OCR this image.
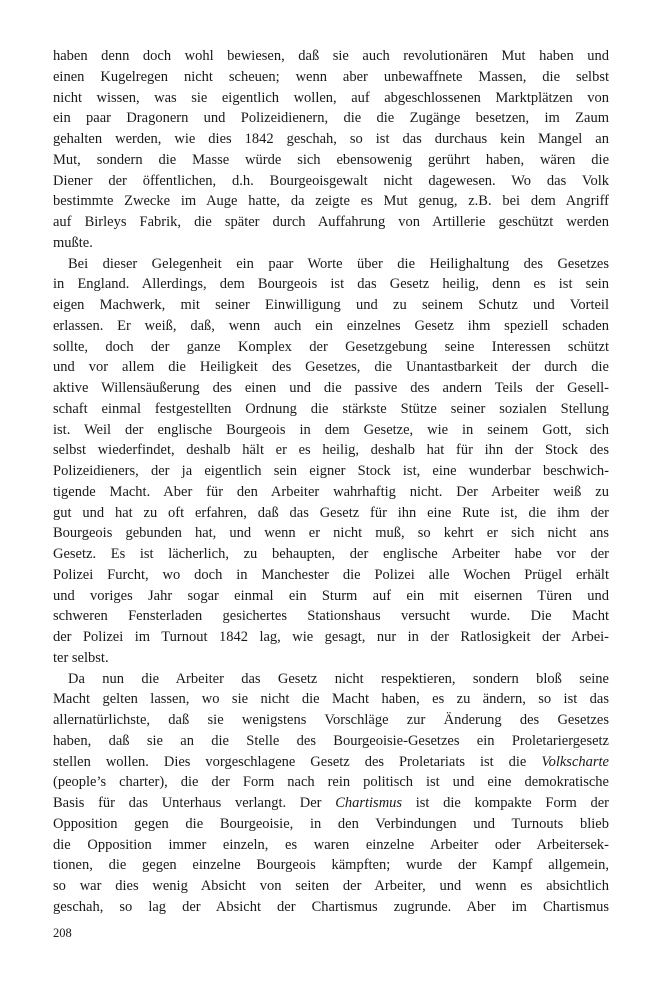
haben denn doch wohl bewiesen, daß sie auch revolutionären Mut haben und
einen Kugelregen nicht scheuen; wenn aber unbewaffnete Massen, die selbst
nicht wissen, was sie eigentlich wollen, auf abgeschlossenen Marktplätzen von
ein paar Dragonern und Polizeidienern, die die Zugänge besetzen, im Zaum
gehalten werden, wie dies 1842 geschah, so ist das durchaus kein Mangel an
Mut, sondern die Masse würde sich ebensowenig gerührt haben, wären die
Diener der öffentlichen, d.h. Bourgeoisgewalt nicht dagewesen. Wo das Volk
bestimmte Zwecke im Auge hatte, da zeigte es Mut genug, z.B. bei dem Angriff
auf Birleys Fabrik, die später durch Auffahrung von Artillerie geschützt werden
mußte.
Bei dieser Gelegenheit ein paar Worte über die Heilighaltung des Gesetzes
in England. Allerdings, dem Bourgeois ist das Gesetz heilig, denn es ist sein
eigen Machwerk, mit seiner Einwilligung und zu seinem Schutz und Vorteil
erlassen. Er weiß, daß, wenn auch ein einzelnes Gesetz ihm speziell schaden
sollte, doch der ganze Komplex der Gesetzgebung seine Interessen schützt
und vor allem die Heiligkeit des Gesetzes, die Unantastbarkeit der durch die
aktive Willensäußerung des einen und die passive des andern Teils der Gesell-
schaft einmal festgestellten Ordnung die stärkste Stütze seiner sozialen Stellung
ist. Weil der englische Bourgeois in dem Gesetze, wie in seinem Gott, sich
selbst wiederfindet, deshalb hält er es heilig, deshalb hat für ihn der Stock des
Polizeidieners, der ja eigentlich sein eigner Stock ist, eine wunderbar beschwich-
tigende Macht. Aber für den Arbeiter wahrhaftig nicht. Der Arbeiter weiß zu
gut und hat zu oft erfahren, daß das Gesetz für ihn eine Rute ist, die ihm der
Bourgeois gebunden hat, und wenn er nicht muß, so kehrt er sich nicht ans
Gesetz. Es ist lächerlich, zu behaupten, der englische Arbeiter habe vor der
Polizei Furcht, wo doch in Manchester die Polizei alle Wochen Prügel erhält
und voriges Jahr sogar einmal ein Sturm auf ein mit eisernen Türen und
schweren Fensterladen gesichertes Stationshaus versucht wurde. Die Macht
der Polizei im Turnout 1842 lag, wie gesagt, nur in der Ratlosigkeit der Arbei-
ter selbst.
Da nun die Arbeiter das Gesetz nicht respektieren, sondern bloß seine
Macht gelten lassen, wo sie nicht die Macht haben, es zu ändern, so ist das
allernatürlichste, daß sie wenigstens Vorschläge zur Änderung des Gesetzes
haben, daß sie an die Stelle des Bourgeoisie-Gesetzes ein Proletariergesetz
stellen wollen. Dies vorgeschlagene Gesetz des Proletariats ist die Volkscharte
(people’s charter), die der Form nach rein politisch ist und eine demokratische
Basis für das Unterhaus verlangt. Der Chartismus ist die kompakte Form der
Opposition gegen die Bourgeoisie, in den Verbindungen und Turnouts blieb
die Opposition immer einzeln, es waren einzelne Arbeiter oder Arbeitersek-
tionen, die gegen einzelne Bourgeois kämpften; wurde der Kampf allgemein,
so war dies wenig Absicht von seiten der Arbeiter, und wenn es absichtlich
geschah, so lag der Absicht der Chartismus zugrunde. Aber im Chartismus
208
